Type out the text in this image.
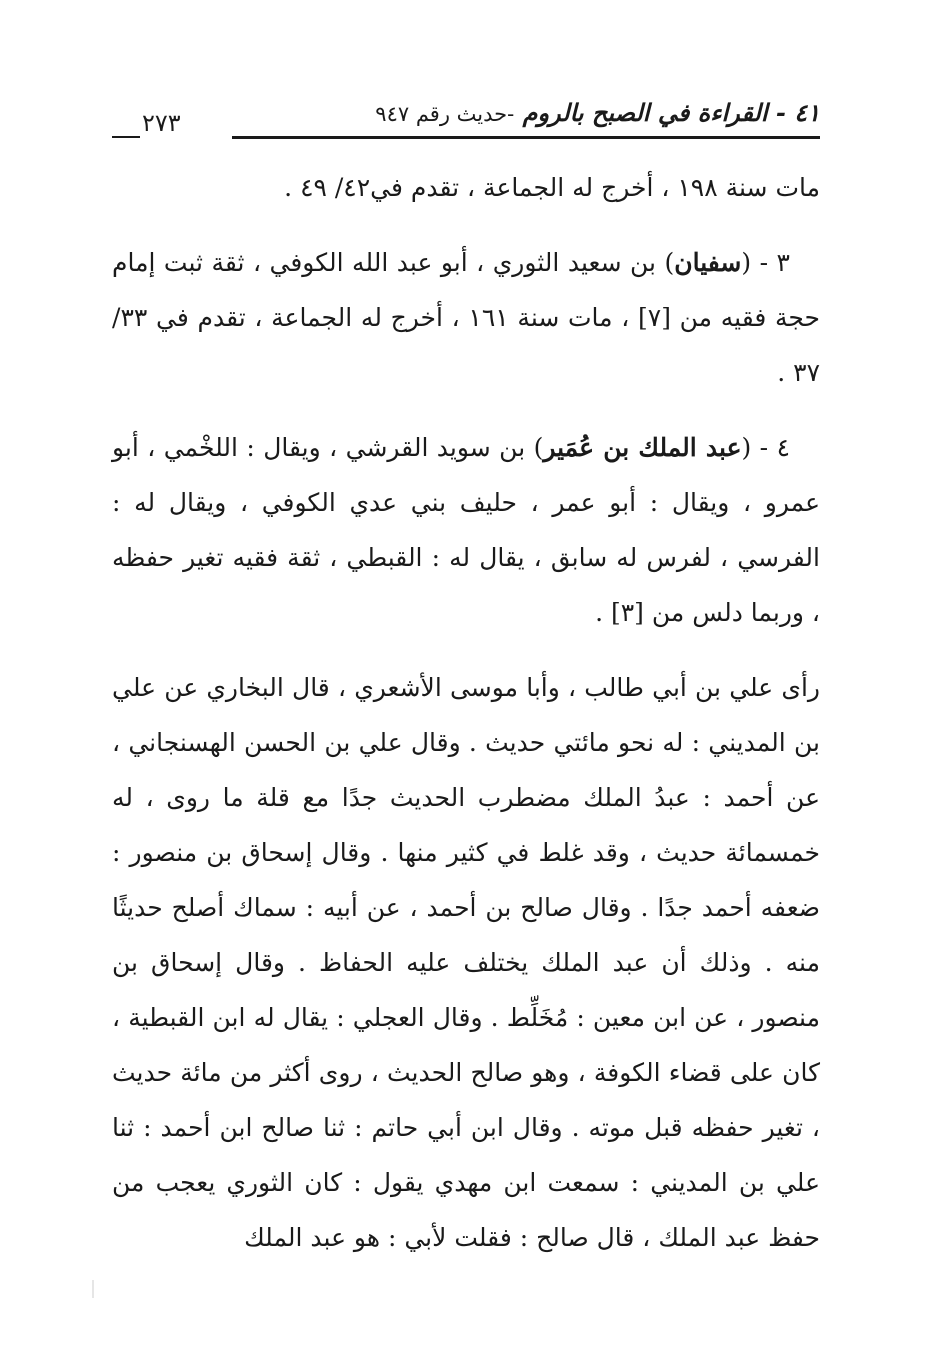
٤١ - القراءة في الصبح بالروم -حديث رقم ٩٤٧
٢٧٣

مات سنة ١٩٨ ، أخرج له الجماعة ، تقدم في٤٢/ ٤٩ .

٣ - (سفيان) بن سعيد الثوري ، أبو عبد الله الكوفي ، ثقة ثبت إمام حجة فقيه من [٧] ، مات سنة ١٦١ ، أخرج له الجماعة ، تقدم في ٣٣/ ٣٧ .

٤ - (عبد الملك بن عُمَير) بن سويد القرشي ، ويقال : اللخْمي ، أبو عمرو ، ويقال : أبو عمر ، حليف بني عدي الكوفي ، ويقال له : الفرسي ، لفرس له سابق ، يقال له : القبطي ، ثقة فقيه تغير حفظه ، وربما دلس من [٣] .

رأى علي بن أبي طالب ، وأبا موسى الأشعري ، قال البخاري عن علي بن المديني : له نحو مائتي حديث . وقال علي بن الحسن الهسنجاني ، عن أحمد : عبدُ الملك مضطرب الحديث جدًا مع قلة ما روى ، له خمسمائة حديث ، وقد غلط في كثير منها . وقال إسحاق بن منصور : ضعفه أحمد جدًا . وقال صالح بن أحمد ، عن أبيه : سماك أصلح حديثًا منه . وذلك أن عبد الملك يختلف عليه الحفاظ . وقال إسحاق بن منصور ، عن ابن معين : مُخَلِّط . وقال العجلي : يقال له ابن القبطية ، كان على قضاء الكوفة ، وهو صالح الحديث ، روى أكثر من مائة حديث ، تغير حفظه قبل موته . وقال ابن أبي حاتم : ثنا صالح ابن أحمد : ثنا علي بن المديني : سمعت ابن مهدي يقول : كان الثوري يعجب من حفظ عبد الملك ، قال صالح : فقلت لأبي : هو عبد الملك
